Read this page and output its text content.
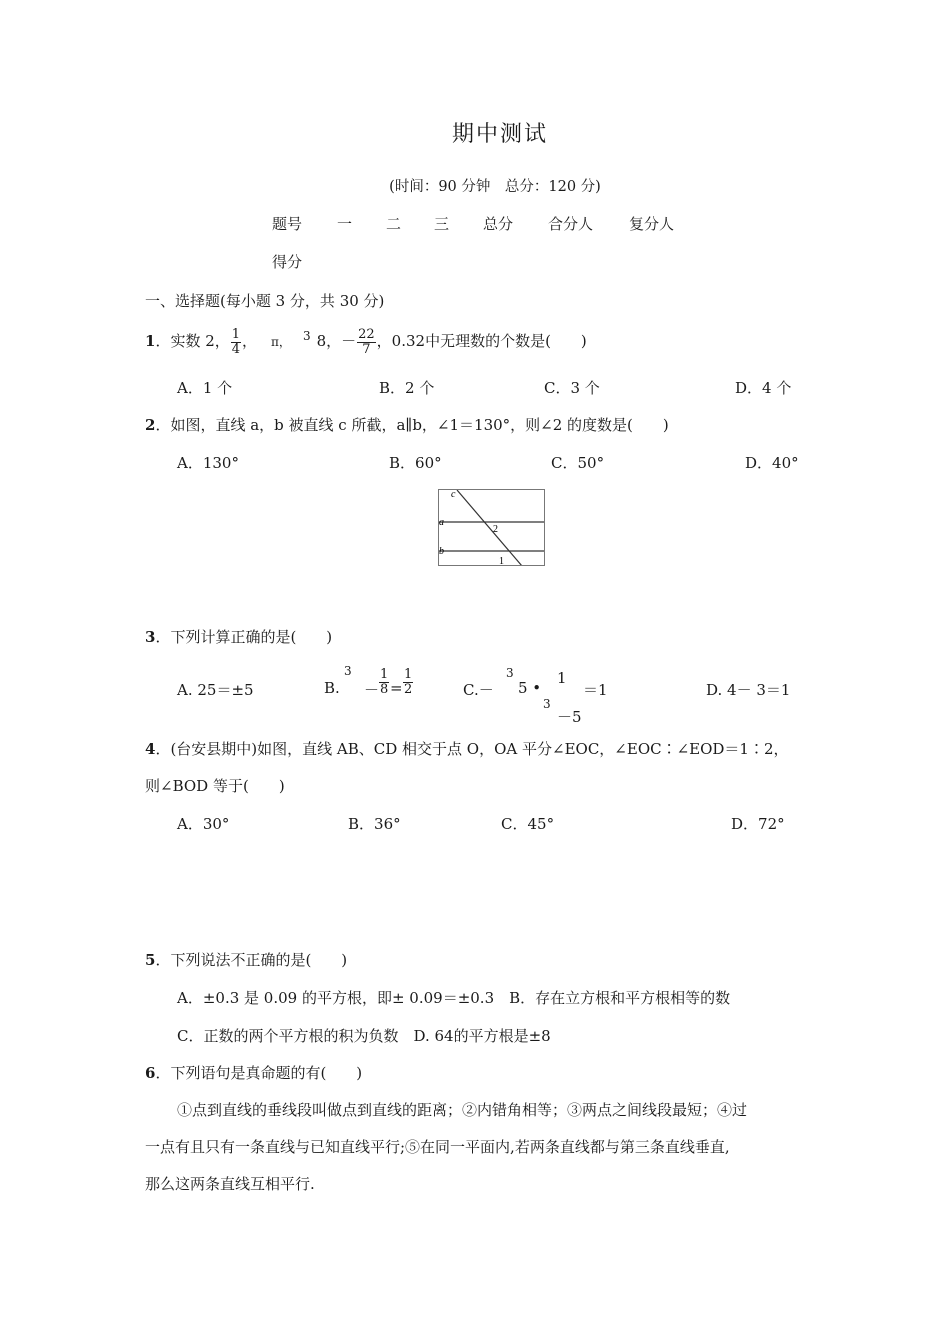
期中测试
(时间：90 分钟　总分：120 分)
题号 一 二 三 总分 合分人 复分人
得分
一、选择题(每小题 3 分，共 30 分)
1．实数 2， $\frac{1}{4}$ ， π， $^3$ 8，－ $\frac{22}{7}$ ，0.32中无理数的个数是(　　)
A．1 个	B．2 个	C．3 个	D．4 个
2．如图，直线 a，b 被直线 c 所截，a∥b，∠1＝130°，则∠2 的度数是(　　)
A．130°	B．60°	C．50°	D．40°
c
a
2
b
1
3．下列计算正确的是(　　)
A. 25＝±5	B.
3
－ $\frac{1}{8} = \frac{1}{2}$	C.－
3
5 •
1
3
－5
＝1	D. 4－ 3＝1
4．(台安县期中)如图，直线 AB、CD 相交于点 O，OA 平分∠EOC，∠EOC∶∠EOD＝1∶2，
则∠BOD 等于(　　)
A．30°	B．36°	C．45°	D．72°
5．下列说法不正确的是(　　)
A．±0.3 是 0.09 的平方根，即± 0.09＝±0.3　B．存在立方根和平方根相等的数
C．正数的两个平方根的积为负数　D. 64的平方根是±8
6．下列语句是真命题的有(　　)
①点到直线的垂线段叫做点到直线的距离；②内错角相等；③两点之间线段最短；④过
一点有且只有一条直线与已知直线平行;⑤在同一平面内,若两条直线都与第三条直线垂直,
那么这两条直线互相平行.
